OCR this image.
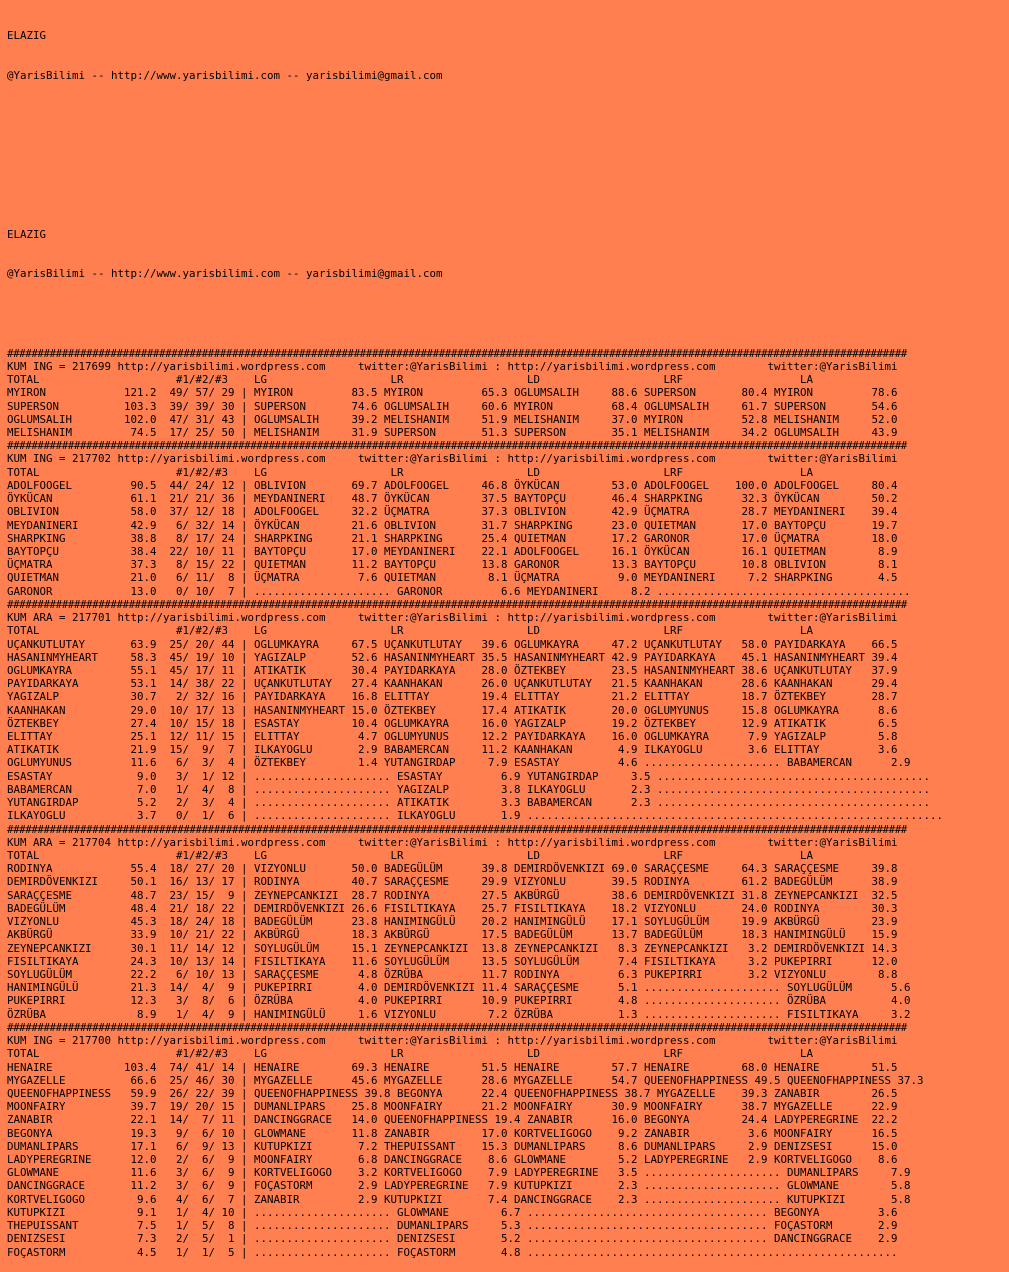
ELAZIG

@YarisBilimi -- http://www.yarisbilimi.com -- yarisbilimi@gmail.com

ELAZIG

@YarisBilimi -- http://www.yarisbilimi.com -- yarisbilimi@gmail.com

####################################################################################################################################################
KUM ING = 217699 http://yarisbilimi.wordpress.com     twitter:@YarisBilimi : http://yarisbilimi.wordpress.com        twitter:@YarisBilimi
TOTAL                     #1/#2/#3    LG                   LR                   LD                   LRF                  LA
MYIRON            121.2  49/ 57/ 29 | MYIRON         83.5 MYIRON         65.3 OGLUMSALIH     88.6 SUPERSON       80.4 MYIRON         78.6
SUPERSON          103.3  39/ 39/ 30 | SUPERSON       74.6 OGLUMSALIH     60.6 MYIRON         68.4 OGLUMSALIH     61.7 SUPERSON       54.6
OGLUMSALIH        102.0  47/ 31/ 43 | OGLUMSALIH     39.2 MELISHANIM     51.9 MELISHANIM     37.0 MYIRON         52.8 MELISHANIM     52.0
MELISHANIM         74.5  17/ 25/ 50 | MELISHANIM     31.9 SUPERSON       51.3 SUPERSON       35.1 MELISHANIM     34.2 OGLUMSALIH     43.9
####################################################################################################################################################
KUM ING = 217702 http://yarisbilimi.wordpress.com     twitter:@YarisBilimi : http://yarisbilimi.wordpress.com        twitter:@YarisBilimi
TOTAL                     #1/#2/#3    LG                   LR                   LD                   LRF                  LA
ADOLFOOGEL         90.5  44/ 24/ 12 | OBLIVION       69.7 ADOLFOOGEL     46.8 ÖYKÜCAN        53.0 ADOLFOOGEL    100.0 ADOLFOOGEL     80.4
ÖYKÜCAN            61.1  21/ 21/ 36 | MEYDANINERI    48.7 ÖYKÜCAN        37.5 BAYTOPÇU       46.4 SHARPKING      32.3 ÖYKÜCAN        50.2
OBLIVION           58.0  37/ 12/ 18 | ADOLFOOGEL     32.2 ÜÇMATRA        37.3 OBLIVION       42.9 ÜÇMATRA        28.7 MEYDANINERI    39.4
MEYDANINERI        42.9   6/ 32/ 14 | ÖYKÜCAN        21.6 OBLIVION       31.7 SHARPKING      23.0 QUIETMAN       17.0 BAYTOPÇU       19.7
SHARPKING          38.8   8/ 17/ 24 | SHARPKING      21.1 SHARPKING      25.4 QUIETMAN       17.2 GARONOR        17.0 ÜÇMATRA        18.0
BAYTOPÇU           38.4  22/ 10/ 11 | BAYTOPÇU       17.0 MEYDANINERI    22.1 ADOLFOOGEL     16.1 ÖYKÜCAN        16.1 QUIETMAN        8.9
ÜÇMATRA            37.3   8/ 15/ 22 | QUIETMAN       11.2 BAYTOPÇU       13.8 GARONOR        13.3 BAYTOPÇU       10.8 OBLIVION        8.1
QUIETMAN           21.0   6/ 11/  8 | ÜÇMATRA         7.6 QUIETMAN        8.1 ÜÇMATRA         9.0 MEYDANINERI     7.2 SHARPKING       4.5
GARONOR            13.0   0/ 10/  7 | ..................... GARONOR         6.6 MEYDANINERI     8.2 .......................................
####################################################################################################################################################
KUM ARA = 217701 http://yarisbilimi.wordpress.com     twitter:@YarisBilimi : http://yarisbilimi.wordpress.com        twitter:@YarisBilimi
TOTAL                     #1/#2/#3    LG                   LR                   LD                   LRF                  LA
UÇANKUTLUTAY       63.9  25/ 20/ 44 | OGLUMKAYRA     67.5 UÇANKUTLUTAY   39.6 OGLUMKAYRA     47.2 UÇANKUTLUTAY   58.0 PAYIDARKAYA    66.5
HASANINMYHEART     58.3  45/ 19/ 10 | YAGIZALP       52.6 HASANINMYHEART 35.5 HASANINMYHEART 42.9 PAYIDARKAYA    45.1 HASANINMYHEART 39.4
OGLUMKAYRA         55.1  45/ 17/ 11 | ATIKATIK       30.4 PAYIDARKAYA    28.0 ÖZTEKBEY       23.5 HASANINMYHEART 38.6 UÇANKUTLUTAY   37.9
PAYIDARKAYA        53.1  14/ 38/ 22 | UÇANKUTLUTAY   27.4 KAANHAKAN      26.0 UÇANKUTLUTAY   21.5 KAANHAKAN      28.6 KAANHAKAN      29.4
YAGIZALP           30.7   2/ 32/ 16 | PAYIDARKAYA    16.8 ELITTAY        19.4 ELITTAY        21.2 ELITTAY        18.7 ÖZTEKBEY       28.7
KAANHAKAN          29.0  10/ 17/ 13 | HASANINMYHEART 15.0 ÖZTEKBEY       17.4 ATIKATIK       20.0 OGLUMYUNUS     15.8 OGLUMKAYRA      8.6
ÖZTEKBEY           27.4  10/ 15/ 18 | ESASTAY        10.4 OGLUMKAYRA     16.0 YAGIZALP       19.2 ÖZTEKBEY       12.9 ATIKATIK        6.5
ELITTAY            25.1  12/ 11/ 15 | ELITTAY         4.7 OGLUMYUNUS     12.2 PAYIDARKAYA    16.0 OGLUMKAYRA      7.9 YAGIZALP        5.8
ATIKATIK           21.9  15/  9/  7 | ILKAYOGLU       2.9 BABAMERCAN     11.2 KAANHAKAN       4.9 ILKAYOGLU       3.6 ELITTAY         3.6
OGLUMYUNUS         11.6   6/  3/  4 | ÖZTEKBEY        1.4 YUTANGIRDAP     7.9 ESASTAY         4.6 ..................... BABAMERCAN      2.9
ESASTAY             9.0   3/  1/ 12 | ..................... ESASTAY         6.9 YUTANGIRDAP     3.5 ..........................................
BABAMERCAN          7.0   1/  4/  8 | ..................... YAGIZALP        3.8 ILKAYOGLU       2.3 ..........................................
YUTANGIRDAP         5.2   2/  3/  4 | ..................... ATIKATIK        3.3 BABAMERCAN      2.3 ..........................................
ILKAYOGLU           3.7   0/  1/  6 | ..................... ILKAYOGLU       1.9 ................................................................
####################################################################################################################################################
KUM ARA = 217704 http://yarisbilimi.wordpress.com     twitter:@YarisBilimi : http://yarisbilimi.wordpress.com        twitter:@YarisBilimi
TOTAL                     #1/#2/#3    LG                   LR                   LD                   LRF                  LA
RODINYA            55.4  18/ 27/ 20 | VIZYONLU       50.0 BADEGÜLÜM      39.8 DEMIRDÖVENKIZI 69.0 SARAÇÇESME     64.3 SARAÇÇESME     39.8
DEMIRDÖVENKIZI     50.1  16/ 13/ 17 | RODINYA        40.7 SARAÇÇESME     29.9 VIZYONLU       39.5 RODINYA        61.2 BADEGÜLÜM      38.9
SARAÇÇESME         48.7  23/ 15/  9 | ZEYNEPCANKIZI  28.7 RODINYA        27.5 AKBÜRGÜ        38.6 DEMIRDÖVENKIZI 31.8 ZEYNEPCANKIZI  32.5
BADEGÜLÜM          48.4  21/ 18/ 22 | DEMIRDÖVENKIZI 26.6 FISILTIKAYA    25.7 FISILTIKAYA    18.2 VIZYONLU       24.0 RODINYA        30.3
VIZYONLU           45.3  18/ 24/ 18 | BADEGÜLÜM      23.8 HANIMINGÜLÜ    20.2 HANIMINGÜLÜ    17.1 SOYLUGÜLÜM     19.9 AKBÜRGÜ        23.9
AKBÜRGÜ            33.9  10/ 21/ 22 | AKBÜRGÜ        18.3 AKBÜRGÜ        17.5 BADEGÜLÜM      13.7 BADEGÜLÜM      18.3 HANIMINGÜLÜ    15.9
ZEYNEPCANKIZI      30.1  11/ 14/ 12 | SOYLUGÜLÜM     15.1 ZEYNEPCANKIZI  13.8 ZEYNEPCANKIZI   8.3 ZEYNEPCANKIZI   3.2 DEMIRDÖVENKIZI 14.3
FISILTIKAYA        24.3  10/ 13/ 14 | FISILTIKAYA    11.6 SOYLUGÜLÜM     13.5 SOYLUGÜLÜM      7.4 FISILTIKAYA     3.2 PUKEPIRRI      12.0
SOYLUGÜLÜM         22.2   6/ 10/ 13 | SARAÇÇESME      4.8 ÖZRÜBA         11.7 RODINYA         6.3 PUKEPIRRI       3.2 VIZYONLU        8.8
HANIMINGÜLÜ        21.3  14/  4/  9 | PUKEPIRRI       4.0 DEMIRDÖVENKIZI 11.4 SARAÇÇESME      5.1 ..................... SOYLUGÜLÜM      5.6
PUKEPIRRI          12.3   3/  8/  6 | ÖZRÜBA          4.0 PUKEPIRRI      10.9 PUKEPIRRI       4.8 ..................... ÖZRÜBA          4.0
ÖZRÜBA              8.9   1/  4/  9 | HANIMINGÜLÜ     1.6 VIZYONLU        7.2 ÖZRÜBA          1.3 ..................... FISILTIKAYA     3.2
####################################################################################################################################################
KUM ING = 217700 http://yarisbilimi.wordpress.com     twitter:@YarisBilimi : http://yarisbilimi.wordpress.com        twitter:@YarisBilimi
TOTAL                     #1/#2/#3    LG                   LR                   LD                   LRF                  LA
HENAIRE           103.4  74/ 41/ 14 | HENAIRE        69.3 HENAIRE        51.5 HENAIRE        57.7 HENAIRE        68.0 HENAIRE        51.5
MYGAZELLE          66.6  25/ 46/ 30 | MYGAZELLE      45.6 MYGAZELLE      28.6 MYGAZELLE      54.7 QUEENOFHAPPINESS 49.5 QUEENOFHAPPINESS 37.3
QUEENOFHAPPINESS   59.9  26/ 22/ 39 | QUEENOFHAPPINESS 39.8 BEGONYA      22.4 QUEENOFHAPPINESS 38.7 MYGAZELLE    39.3 ZANABIR        26.5
MOONFAIRY          39.7  19/ 20/ 15 | DUMANLIPARS    25.8 MOONFAIRY      21.2 MOONFAIRY      30.9 MOONFAIRY      38.7 MYGAZELLE      22.9
ZANABIR            22.1  14/  7/ 11 | DANCINGGRACE   14.0 QUEENOFHAPPINESS 19.4 ZANABIR      16.0 BEGONYA        24.4 LADYPEREGRINE  22.2
BEGONYA            19.3   9/  6/ 10 | GLOWMANE       11.8 ZANABIR        17.0 KORTVELIGOGO    9.2 ZANABIR         3.6 MOONFAIRY      16.5
DUMANLIPARS        17.1   6/  9/ 13 | KUTUPKIZI       7.2 THEPUISSANT    15.3 DUMANLIPARS     8.6 DUMANLIPARS     2.9 DENIZSESI      15.0
LADYPEREGRINE      12.0   2/  6/  9 | MOONFAIRY       6.8 DANCINGGRACE    8.6 GLOWMANE        5.2 LADYPEREGRINE   2.9 KORTVELIGOGO    8.6
GLOWMANE           11.6   3/  6/  9 | KORTVELIGOGO    3.2 KORTVELIGOGO    7.9 LADYPEREGRINE   3.5 ..................... DUMANLIPARS     7.9
DANCINGGRACE       11.2   3/  6/  9 | FOÇASTORM       2.9 LADYPEREGRINE   7.9 KUTUPKIZI       2.3 ..................... GLOWMANE        5.8
KORTVELIGOGO        9.6   4/  6/  7 | ZANABIR         2.9 KUTUPKIZI       7.4 DANCINGGRACE    2.3 ..................... KUTUPKIZI       5.8
KUTUPKIZI           9.1   1/  4/ 10 | ..................... GLOWMANE        6.7 ..................................... BEGONYA         3.6
THEPUISSANT         7.5   1/  5/  8 | ..................... DUMANLIPARS     5.3 ..................................... FOÇASTORM       2.9
DENIZSESI           7.3   2/  5/  1 | ..................... DENIZSESI       5.2 ..................................... DANCINGGRACE    2.9
FOÇASTORM           4.5   1/  1/  5 | ..................... FOÇASTORM       4.8 .........................................................
